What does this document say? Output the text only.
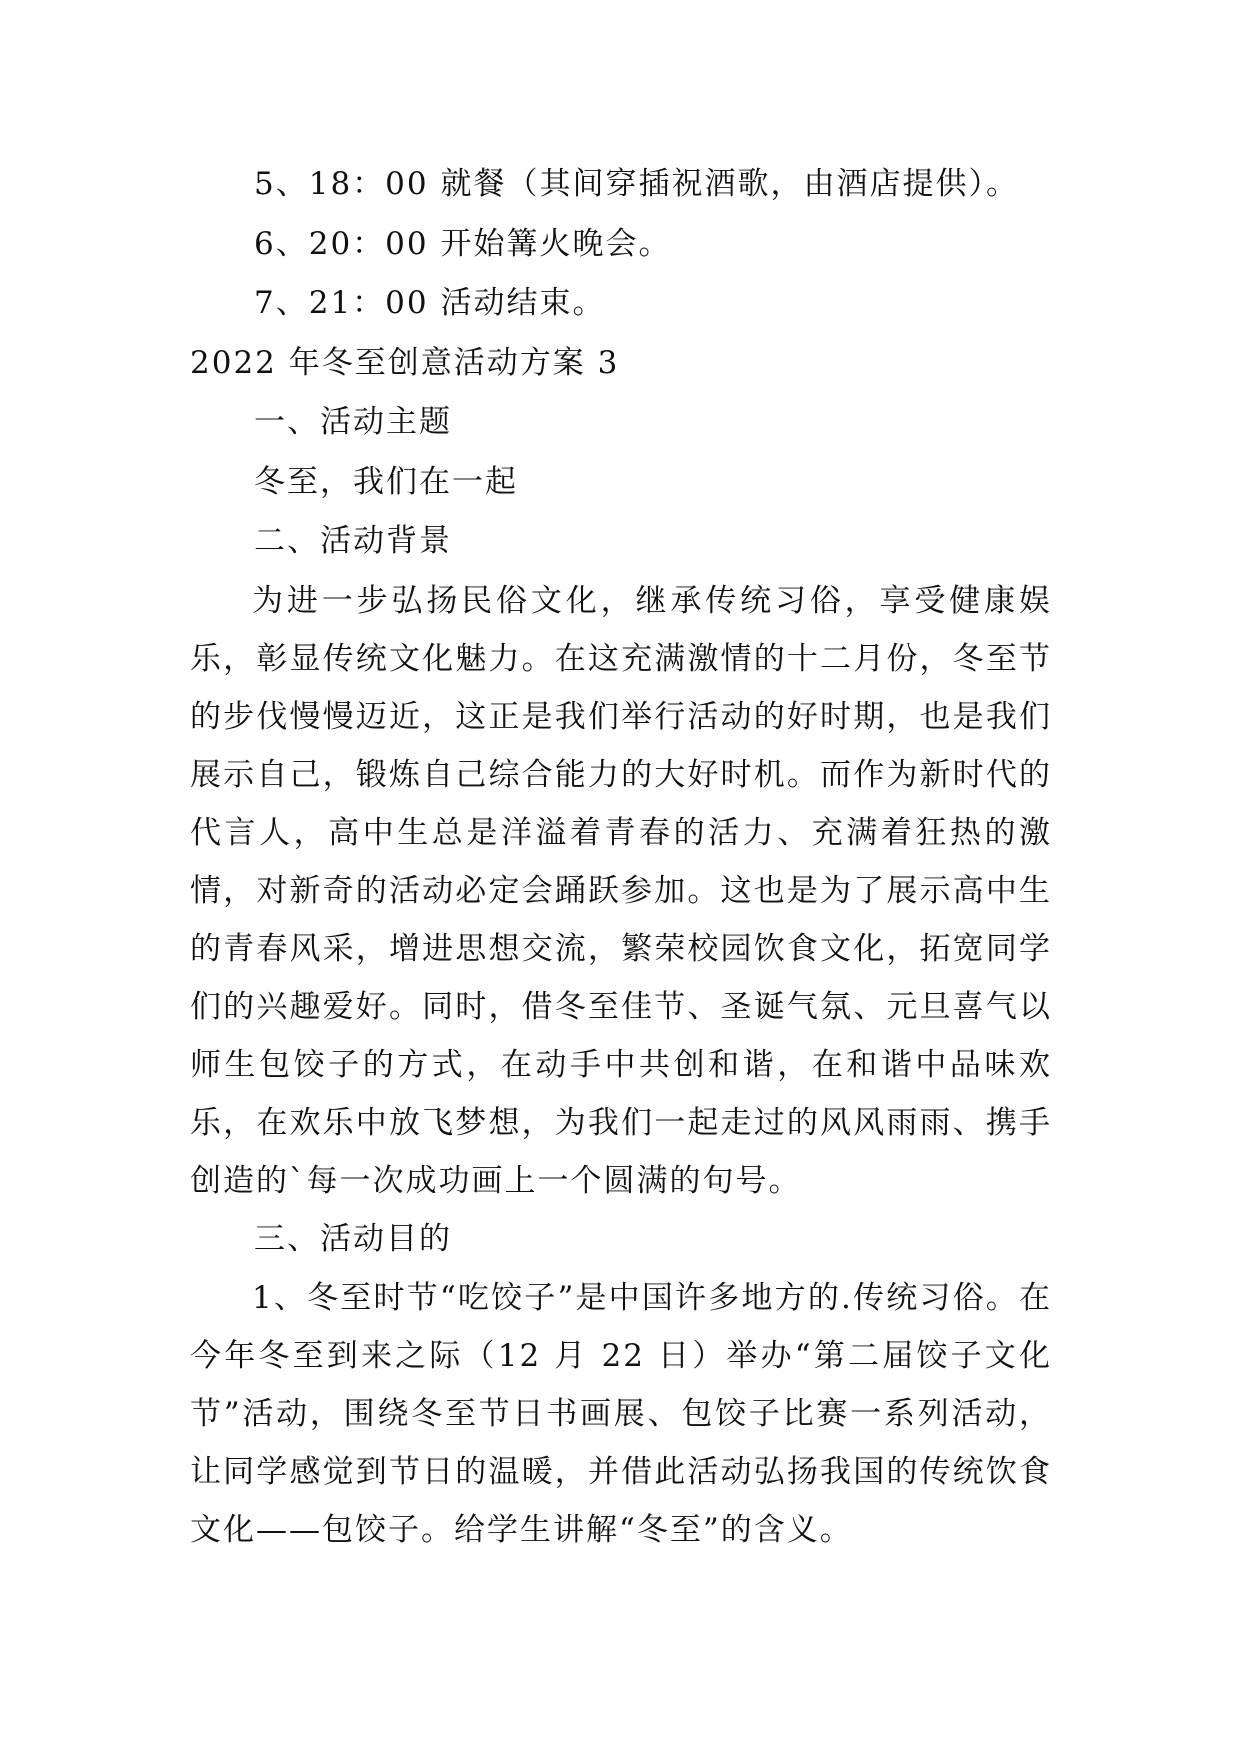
5、18：00 就餐（其间穿插祝酒歌，由酒店提供）。

6、20：00 开始篝火晚会。

7、21：00 活动结束。

2022 年冬至创意活动方案 3

一、活动主题

冬至，我们在一起

二、活动背景

为进一步弘扬民俗文化，继承传统习俗，享受健康娱乐，彰显传统文化魅力。在这充满激情的十二月份，冬至节的步伐慢慢迈近，这正是我们举行活动的好时期，也是我们展示自己，锻炼自己综合能力的大好时机。而作为新时代的代言人，高中生总是洋溢着青春的活力、充满着狂热的激情，对新奇的活动必定会踊跃参加。这也是为了展示高中生的青春风采，增进思想交流，繁荣校园饮食文化，拓宽同学们的兴趣爱好。同时，借冬至佳节、圣诞气氛、元旦喜气以师生包饺子的方式，在动手中共创和谐，在和谐中品味欢乐，在欢乐中放飞梦想，为我们一起走过的风风雨雨、携手创造的`每一次成功画上一个圆满的句号。

三、活动目的

1、冬至时节“吃饺子”是中国许多地方的.传统习俗。在今年冬至到来之际（12 月 22 日）举办“第二届饺子文化节”活动，围绕冬至节日书画展、包饺子比赛一系列活动，让同学感觉到节日的温暖，并借此活动弘扬我国的传统饮食文化——包饺子。给学生讲解“冬至”的含义。
